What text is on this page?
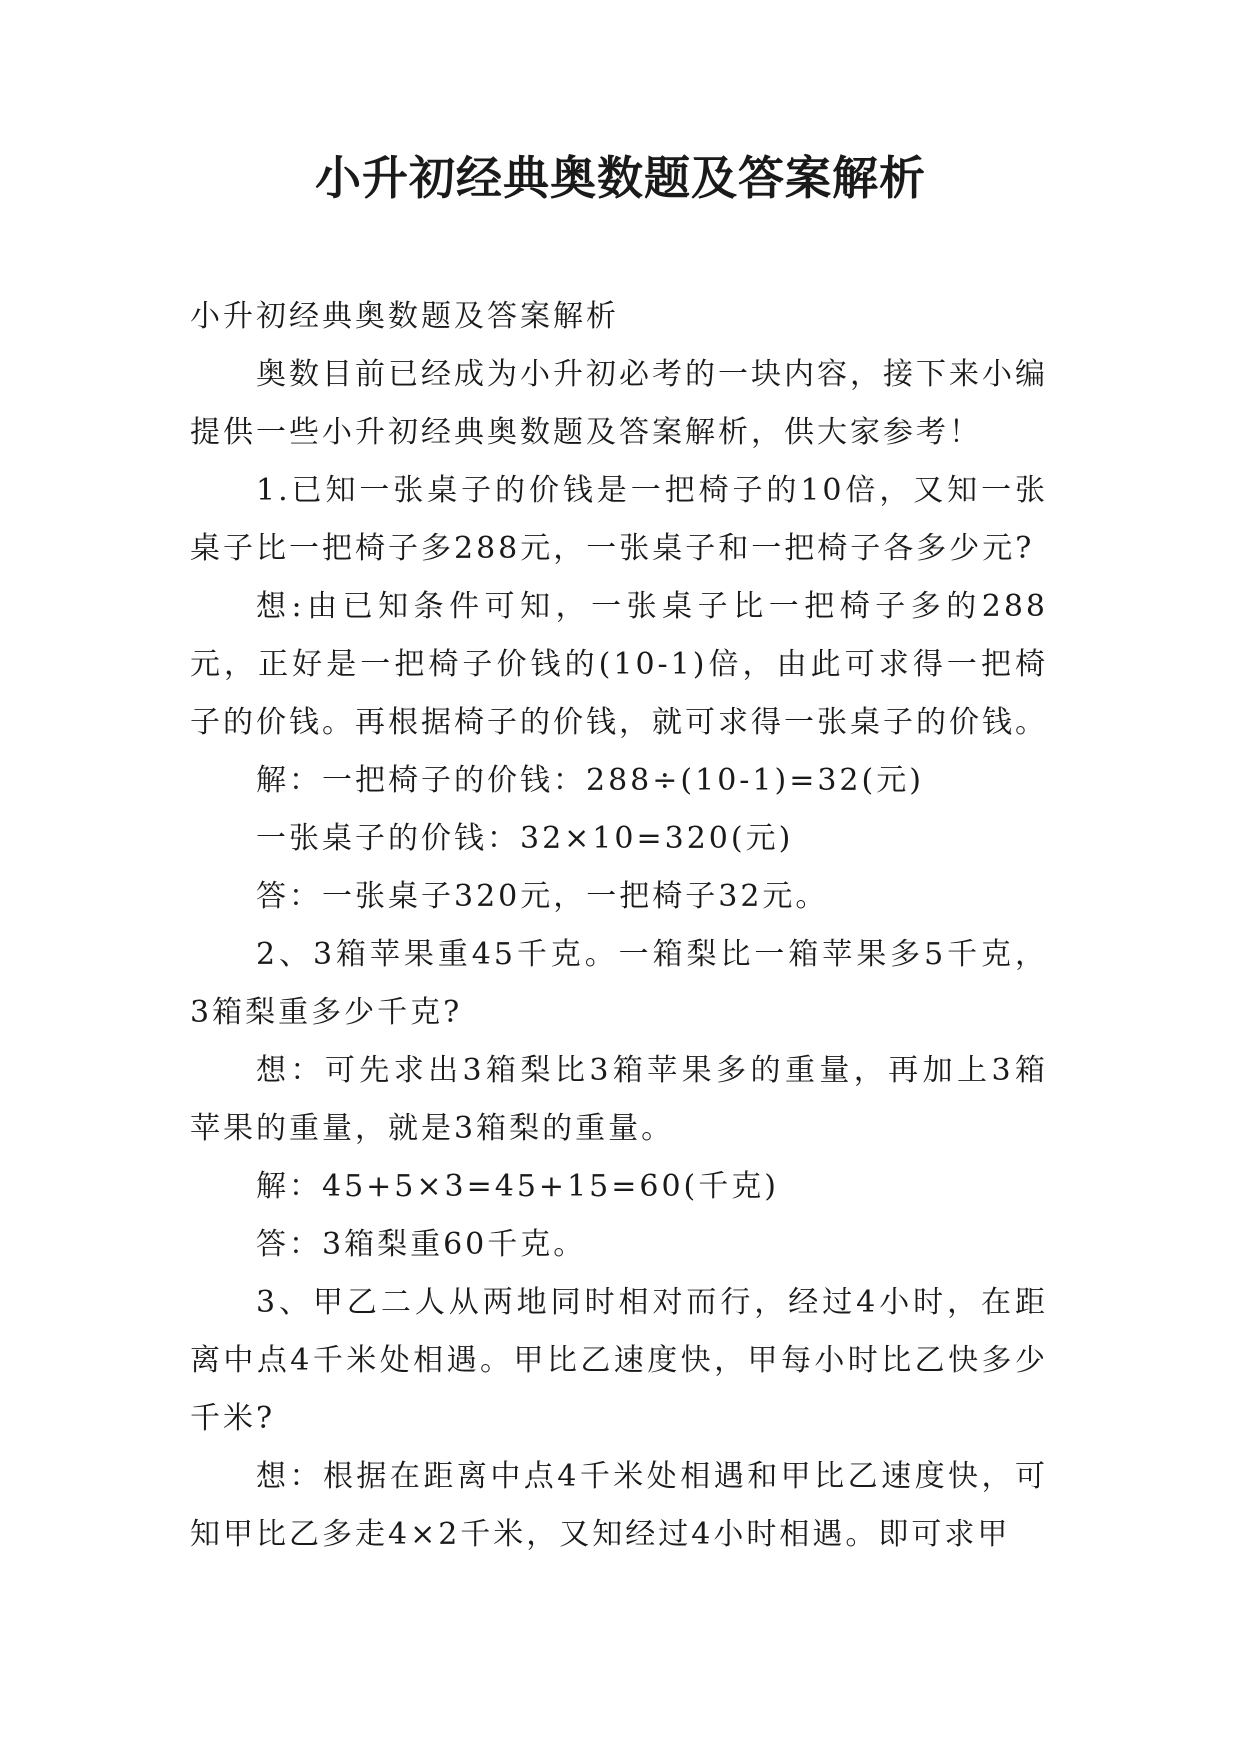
小升初经典奥数题及答案解析

小升初经典奥数题及答案解析

奥数目前已经成为小升初必考的一块内容，接下来小编提供一些小升初经典奥数题及答案解析，供大家参考！

1.已知一张桌子的价钱是一把椅子的10倍，又知一张桌子比一把椅子多288元，一张桌子和一把椅子各多少元?

想:由已知条件可知，一张桌子比一把椅子多的288元，正好是一把椅子价钱的(10-1)倍，由此可求得一把椅子的价钱。再根据椅子的价钱，就可求得一张桌子的价钱。

解：一把椅子的价钱：288÷(10-1)=32(元)

一张桌子的价钱：32×10=320(元)

答：一张桌子320元，一把椅子32元。

2、3箱苹果重45千克。一箱梨比一箱苹果多5千克，3箱梨重多少千克?

想：可先求出3箱梨比3箱苹果多的重量，再加上3箱苹果的重量，就是3箱梨的重量。

解：45+5×3=45+15=60(千克)

答：3箱梨重60千克。

3、甲乙二人从两地同时相对而行，经过4小时，在距离中点4千米处相遇。甲比乙速度快，甲每小时比乙快多少千米?

想：根据在距离中点4千米处相遇和甲比乙速度快，可知甲比乙多走4×2千米，又知经过4小时相遇。即可求甲
